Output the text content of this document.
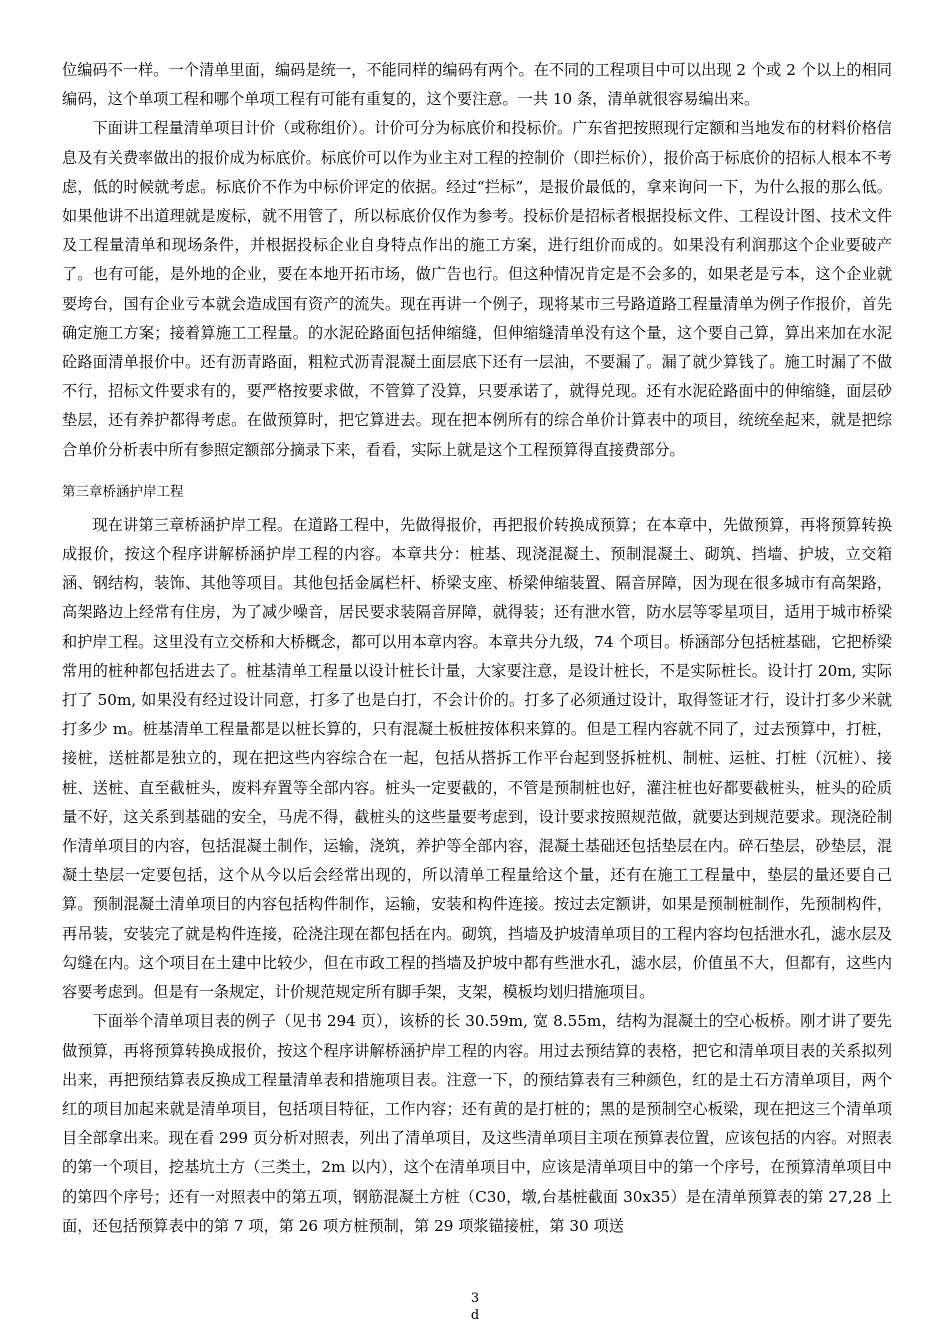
位编码不一样。一个清单里面，编码是统一，不能同样的编码有两个。在不同的工程项目中可以出现 2 个或 2 个以上的相同编码，这个单项工程和哪个单项工程有可能有重复的，这个要注意。一共 10 条，清单就很容易编出来。

下面讲工程量清单项目计价（或称组价）。计价可分为标底价和投标价。广东省把按照现行定额和当地发布的材料价格信息及有关费率做出的报价成为标底价。标底价可以作为业主对工程的控制价（即拦标价），报价高于标底价的招标人根本不考虑，低的时候就考虑。标底价不作为中标价评定的依据。经过“拦标”，是报价最低的，拿来询问一下，为什么报的那么低。如果他讲不出道理就是废标，就不用管了，所以标底价仅作为参考。投标价是招标者根据投标文件、工程设计图、技术文件及工程量清单和现场条件，并根据投标企业自身特点作出的施工方案，进行组价而成的。如果没有利润那这个企业要破产了。也有可能，是外地的企业，要在本地开拓市场，做广告也行。但这种情况肯定是不会多的，如果老是亏本，这个企业就要垮台，国有企业亏本就会造成国有资产的流失。现在再讲一个例子，现将某市三号路道路工程量清单为例子作报价，首先确定施工方案；接着算施工工程量。的水泥砼路面包括伸缩缝，但伸缩缝清单没有这个量，这个要自己算，算出来加在水泥砼路面清单报价中。还有沥青路面，粗粒式沥青混凝土面层底下还有一层油，不要漏了。漏了就少算钱了。施工时漏了不做不行，招标文件要求有的，要严格按要求做，不管算了没算，只要承诺了，就得兑现。还有水泥砼路面中的伸缩缝，面层砂垫层，还有养护都得考虑。在做预算时，把它算进去。现在把本例所有的综合单价计算表中的项目，统统垒起来，就是把综合单价分析表中所有参照定额部分摘录下来，看看，实际上就是这个工程预算得直接费部分。

第三章桥涵护岸工程

现在讲第三章桥涵护岸工程。在道路工程中，先做得报价，再把报价转换成预算；在本章中，先做预算，再将预算转换成报价，按这个程序讲解桥涵护岸工程的内容。本章共分：桩基、现浇混凝土、预制混凝土、砌筑、挡墙、护坡，立交箱涵、钢结构，装饰、其他等项目。其他包括金属栏杆、桥梁支座、桥梁伸缩装置、隔音屏障，因为现在很多城市有高架路，高架路边上经常有住房，为了减少噪音，居民要求装隔音屏障，就得装；还有泄水管，防水层等零星项目，适用于城市桥梁和护岸工程。这里没有立交桥和大桥概念，都可以用本章内容。本章共分九级，74 个项目。桥涵部分包括桩基础，它把桥梁常用的桩种都包括进去了。桩基清单工程量以设计桩长计量，大家要注意，是设计桩长，不是实际桩长。设计打 20m, 实际打了 50m, 如果没有经过设计同意，打多了也是白打，不会计价的。打多了必须通过设计，取得签证才行，设计打多少米就打多少 m。桩基清单工程量都是以桩长算的，只有混凝土板桩按体积来算的。但是工程内容就不同了，过去预算中，打桩，接桩，送桩都是独立的，现在把这些内容综合在一起，包括从搭拆工作平台起到竖拆桩机、制桩、运桩、打桩（沉桩）、接桩、送桩、直至截桩头，废料弃置等全部内容。桩头一定要截的，不管是预制桩也好，灌注桩也好都要截桩头，桩头的砼质量不好，这关系到基础的安全，马虎不得，截桩头的这些量要考虑到，设计要求按照规范做，就要达到规范要求。现浇砼制作清单项目的内容，包括混凝土制作，运输，浇筑，养护等全部内容，混凝土基础还包括垫层在内。碎石垫层，砂垫层，混凝土垫层一定要包括，这个从今以后会经常出现的，所以清单工程量给这个量，还有在施工工程量中，垫层的量还要自己算。预制混凝土清单项目的内容包括构件制作，运输，安装和构件连接。按过去定额讲，如果是预制桩制作，先预制构件，再吊装，安装完了就是构件连接，砼浇注现在都包括在内。砌筑，挡墙及护坡清单项目的工程内容均包括泄水孔，滤水层及勾缝在内。这个项目在土建中比较少，但在市政工程的挡墙及护坡中都有些泄水孔，滤水层，价值虽不大，但都有，这些内容要考虑到。但是有一条规定，计价规范规定所有脚手架，支架，模板均划归措施项目。

下面举个清单项目表的例子（见书 294 页），该桥的长 30.59m, 宽 8.55m，结构为混凝土的空心板桥。刚才讲了要先做预算，再将预算转换成报价，按这个程序讲解桥涵护岸工程的内容。用过去预结算的表格，把它和清单项目表的关系拟列出来，再把预结算表反换成工程量清单表和措施项目表。注意一下，的预结算表有三种颜色，红的是土石方清单项目，两个红的项目加起来就是清单项目，包括项目特征，工作内容；还有黄的是打桩的；黑的是预制空心板梁，现在把这三个清单项目全部拿出来。现在看 299 页分析对照表，列出了清单项目，及这些清单项目主项在预算表位置，应该包括的内容。对照表的第一个项目，挖基坑土方（三类土，2m 以内），这个在清单项目中，应该是清单项目中的第一个序号，在预算清单项目中的第四个序号；还有一对照表中的第五项，钢筋混凝土方桩（C30，墩,台基桩截面 30x35）是在清单预算表的第 27,28 上面，还包括预算表中的第 7 项，第 26 项方桩预制，第 29 项浆锚接桩，第 30 项送

3
d
